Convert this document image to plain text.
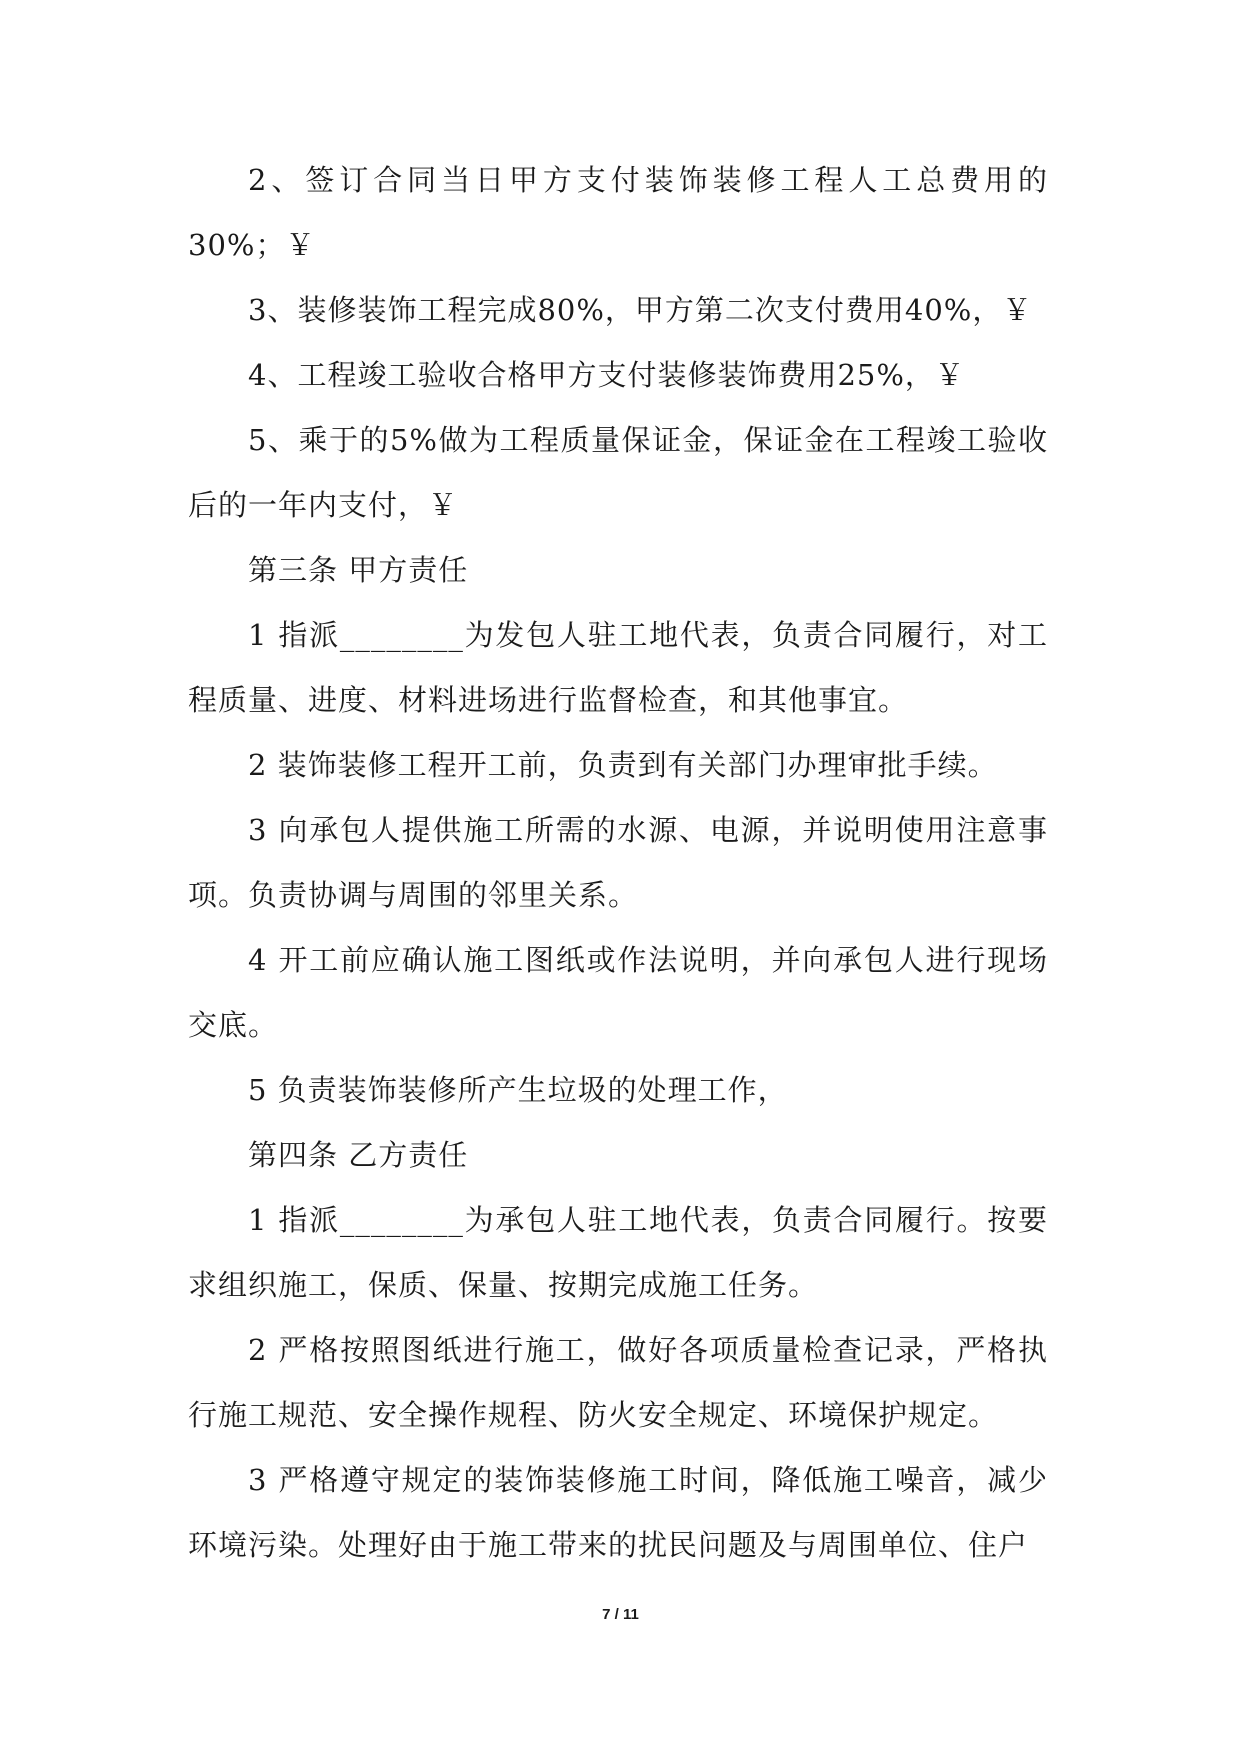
2、签订合同当日甲方支付装饰装修工程人工总费用的30%；￥

3、装修装饰工程完成80%，甲方第二次支付费用40%，￥

4、工程竣工验收合格甲方支付装修装饰费用25%，￥

5、乘于的5%做为工程质量保证金，保证金在工程竣工验收后的一年内支付，￥

第三条 甲方责任

1 指派________为发包人驻工地代表，负责合同履行，对工程质量、进度、材料进场进行监督检查，和其他事宜。

2 装饰装修工程开工前，负责到有关部门办理审批手续。

3 向承包人提供施工所需的水源、电源，并说明使用注意事项。负责协调与周围的邻里关系。

4 开工前应确认施工图纸或作法说明，并向承包人进行现场交底。

5 负责装饰装修所产生垃圾的处理工作，

第四条 乙方责任

1 指派________为承包人驻工地代表，负责合同履行。按要求组织施工，保质、保量、按期完成施工任务。

2 严格按照图纸进行施工，做好各项质量检查记录，严格执行施工规范、安全操作规程、防火安全规定、环境保护规定。

3 严格遵守规定的装饰装修施工时间，降低施工噪音，减少环境污染。处理好由于施工带来的扰民问题及与周围单位、住户

7 / 11
